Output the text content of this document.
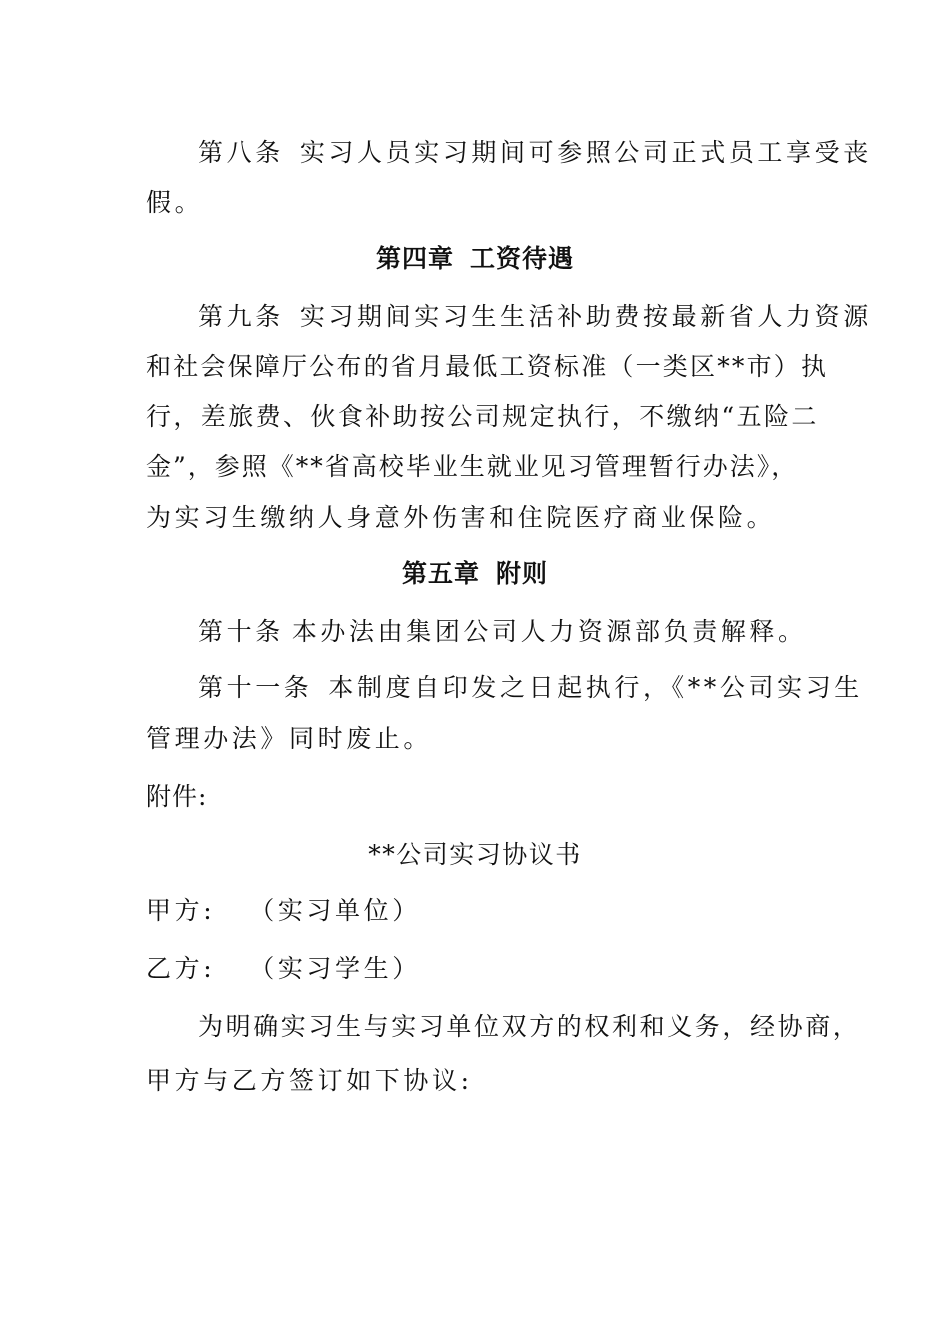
第八条 实习人员实习期间可参照公司正式员工享受丧
假。
第四章 工资待遇
第九条 实习期间实习生生活补助费按最新省人力资源
和社会保障厅公布的省月最低工资标准（一类区**市）执
行，差旅费、伙食补助按公司规定执行，不缴纳“五险二
金”，参照《**省高校毕业生就业见习管理暂行办法》，
为实习生缴纳人身意外伤害和住院医疗商业保险。
第五章 附则
第十条 本办法由集团公司人力资源部负责解释。
第十一条 本制度自印发之日起执行，《**公司实习生
管理办法》同时废止。
附件:
**公司实习协议书
甲方: （实习单位）
乙方: （实习学生）
为明确实习生与实习单位双方的权利和义务，经协商，
甲方与乙方签订如下协议:
